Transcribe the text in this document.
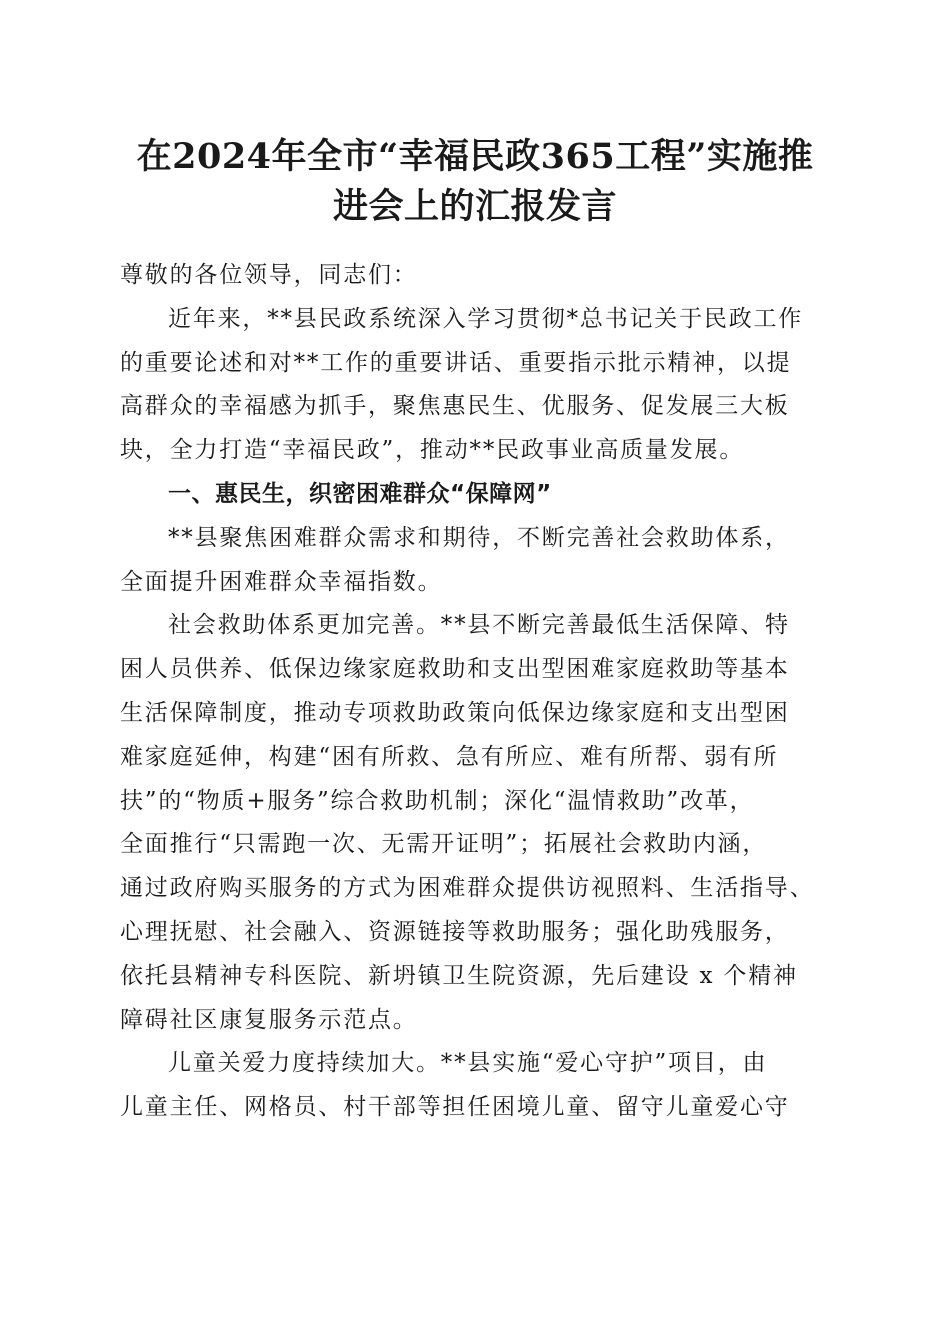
在2024年全市“幸福民政365工程”实施推
进会上的汇报发言

尊敬的各位领导，同志们：

近年来，**县民政系统深入学习贯彻*总书记关于民政工作
的重要论述和对**工作的重要讲话、重要指示批示精神，以提
高群众的幸福感为抓手，聚焦惠民生、优服务、促发展三大板
块，全力打造“幸福民政”，推动**民政事业高质量发展。

一、惠民生，织密困难群众“保障网”

**县聚焦困难群众需求和期待，不断完善社会救助体系，
全面提升困难群众幸福指数。

社会救助体系更加完善。**县不断完善最低生活保障、特
困人员供养、低保边缘家庭救助和支出型困难家庭救助等基本
生活保障制度，推动专项救助政策向低保边缘家庭和支出型困
难家庭延伸，构建“困有所救、急有所应、难有所帮、弱有所
扶”的“物质+服务”综合救助机制；深化“温情救助”改革，
全面推行“只需跑一次、无需开证明”；拓展社会救助内涵，
通过政府购买服务的方式为困难群众提供访视照料、生活指导、
心理抚慰、社会融入、资源链接等救助服务；强化助残服务，
依托县精神专科医院、新坍镇卫生院资源，先后建设 x 个精神
障碍社区康复服务示范点。

儿童关爱力度持续加大。**县实施“爱心守护”项目，由
儿童主任、网格员、村干部等担任困境儿童、留守儿童爱心守
